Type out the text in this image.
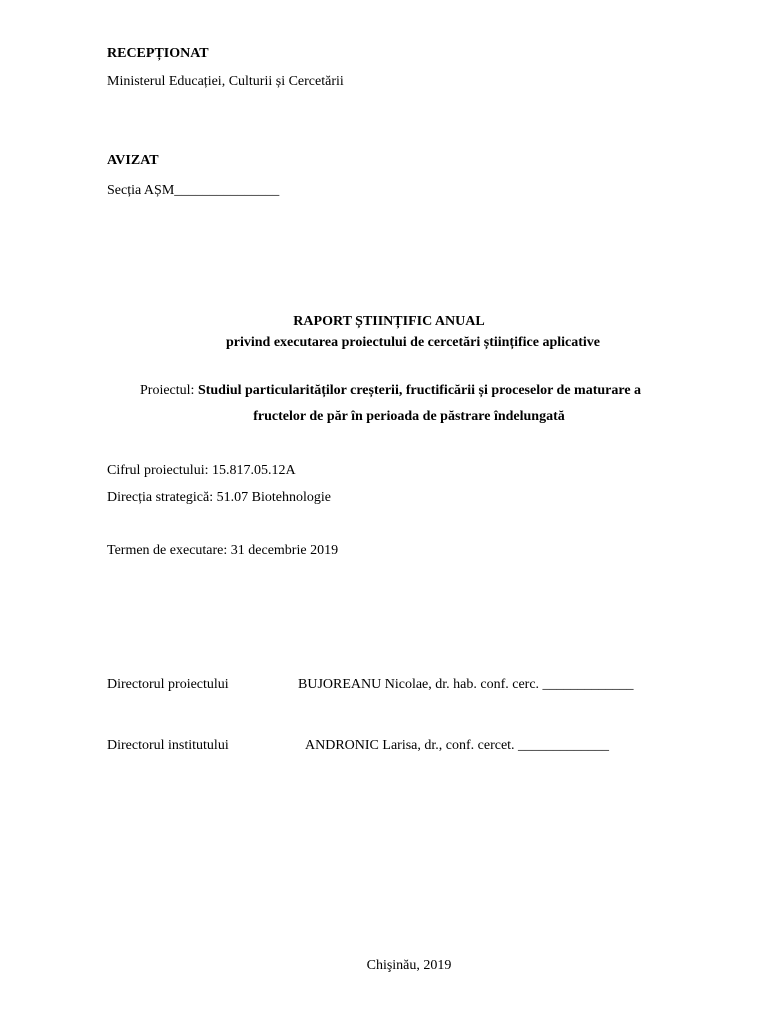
RECEPȚIONAT
Ministerul Educației, Culturii și Cercetării
AVIZAT
Secția AȘM_______________
RAPORT ȘTIINȚIFIC ANUAL
privind executarea proiectului de cercetări științifice aplicative
Proiectul: Studiul particularităților creșterii, fructificării și proceselor de maturare a
fructelor de păr în perioada de păstrare îndelungată
Cifrul proiectului: 15.817.05.12A
Direcția strategică: 51.07 Biotehnologie
Termen de executare: 31 decembrie 2019
Directorul proiectului	BUJOREANU Nicolae, dr. hab. conf. cerc. _____________
Directorul institutului	ANDRONIC Larisa, dr., conf. cercet. _____________
Chişinău, 2019
